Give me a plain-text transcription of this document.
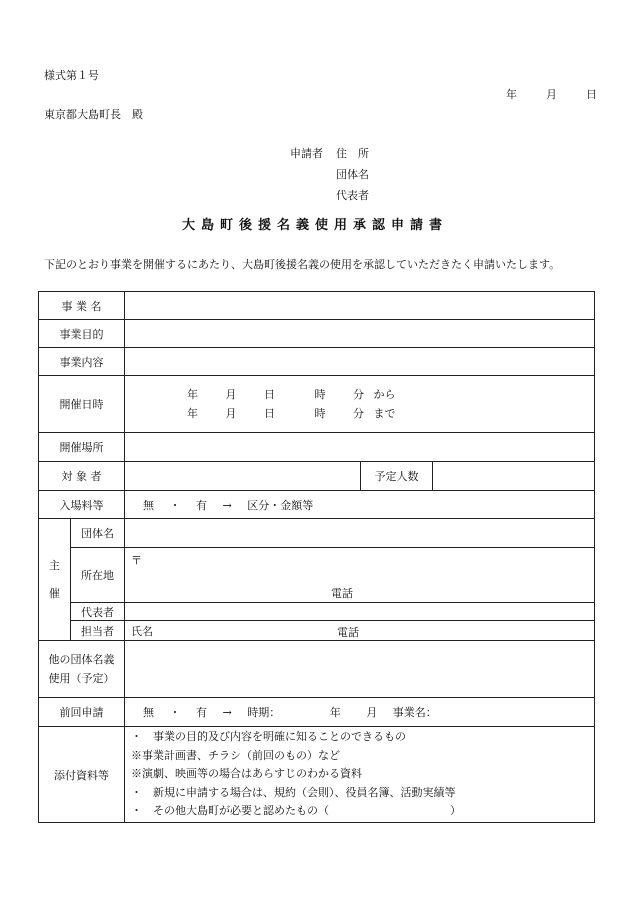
様式第１号
年	月	日
東京都大島町長　殿
申請者 住　所
団体名
代表者
大島町後援名義使用承認申請書
下記のとおり事業を開催するにあたり、大島町後援名義の使用を承認していただきたく申請いたします。
事 業 名				
事業目的				
事業内容				
開催日時		年 月 日 時 分 から
年 月 日 時 分 まで		

開催場所				
対 象 者			予定人数	
入場料等		無 ・ 有 → 区分・金額等		
主
催	団体名			
	所在地	〒
電話		

	代表者			
	担当者	氏名 電話		

他の団体名義
使用（予定）				
前回申請		無 ・ 有 → 時期： 年 月 事業名：		
添付資料等		・　事業の目的及び内容を明確に知ることのできるもの
※事業計画書、チラシ（前回のもの）など
※演劇、映画等の場合はあらすじのわかる資料
・　新規に申請する場合は、規約（会則）、役員名簿、活動実績等
・　その他大島町が必要と認めたもの（　　　　　　　　　　　）		
